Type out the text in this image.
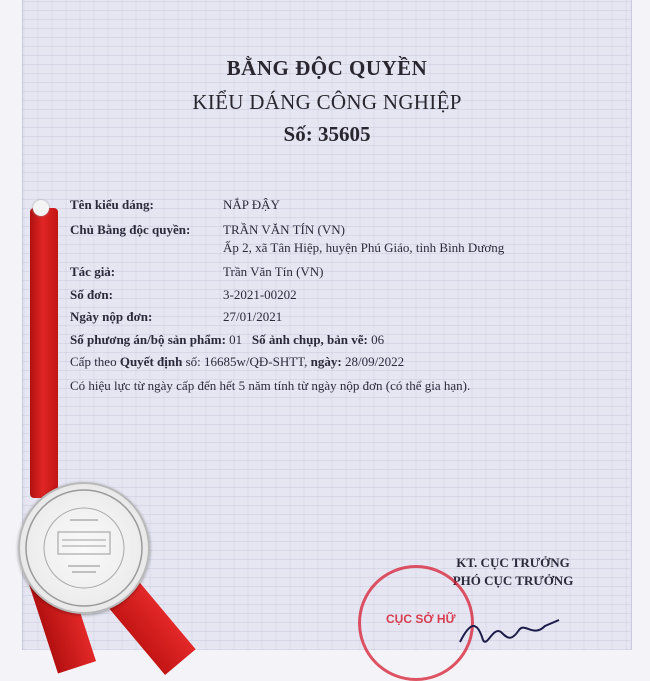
BẰNG ĐỘC QUYỀN
KIỂU DÁNG CÔNG NGHIỆP
Số: 35605
Tên kiểu dáng:	NẮP ĐẬY
Chủ Bằng độc quyền:	TRẦN VĂN TÍN (VN)
Ấp 2, xã Tân Hiệp, huyện Phú Giáo, tỉnh Bình Dương
Tác giả:	Trần Văn Tín (VN)
Số đơn:	3-2021-00202
Ngày nộp đơn:	27/01/2021
Số phương án/bộ sản phẩm: 01 Số ảnh chụp, bản vẽ: 06
Cấp theo Quyết định số: 16685w/QĐ-SHTT, ngày: 28/09/2022
Có hiệu lực từ ngày cấp đến hết 5 năm tính từ ngày nộp đơn (có thể gia hạn).
KT. CỤC TRƯỞNG
PHÓ CỤC TRƯỞNG
CỤC SỞ HỮ
